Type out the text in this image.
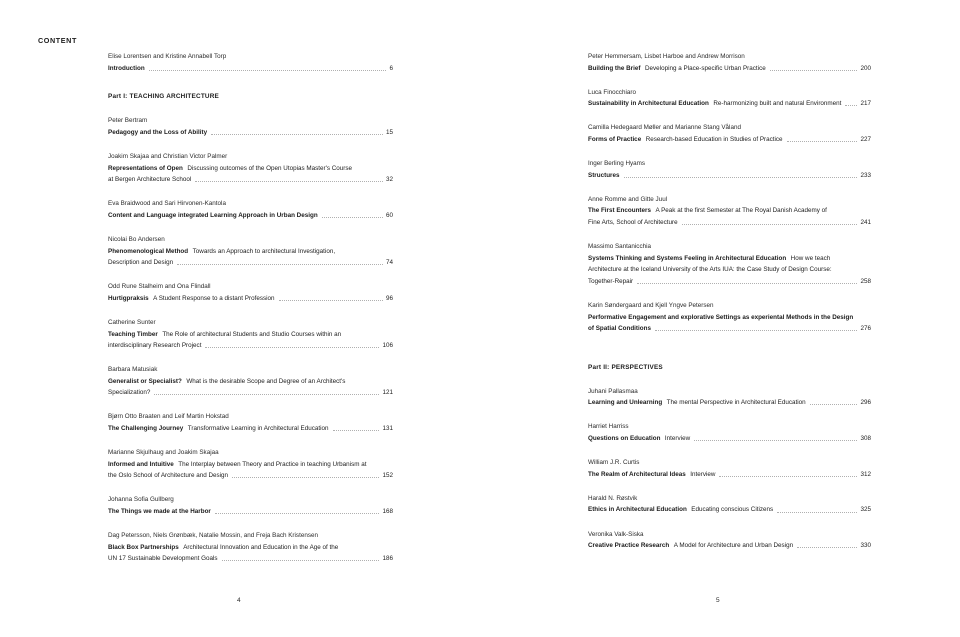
CONTENT
Elise Lorentsen and Kristine Annabell Torp
Introduction	6
Part I: TEACHING ARCHITECTURE
Peter Bertram
Pedagogy and the Loss of Ability	15
Joakim Skajaa and Christian Victor Palmer
Representations of Open Discussing outcomes of the Open Utopias Master's Course
at Bergen Architecture School	32
Eva Braidwood and Sari Hirvonen-Kantola
Content and Language integrated Learning Approach in Urban Design	60
Nicolai Bo Andersen
Phenomenological Method Towards an Approach to architectural Investigation,
Description and Design	74
Odd Rune Stalheim and Ona Flindall
Hurtigpraksis A Student Response to a distant Profession	96
Catherine Sunter
Teaching Timber The Role of architectural Students and Studio Courses within an
interdisciplinary Research Project	106
Barbara Matusiak
Generalist or Specialist? What is the desirable Scope and Degree of an Architect's
Specialization?	121
Bjørn Otto Braaten and Leif Martin Hokstad
The Challenging Journey Transformative Learning in Architectural Education	131
Marianne Skjulhaug and Joakim Skajaa
Informed and Intuitive The Interplay between Theory and Practice in teaching Urbanism at
the Oslo School of Architecture and Design	152
Johanna Sofia Gullberg
The Things we made at the Harbor	168
Dag Petersson, Niels Grønbæk, Natalie Mossin, and Freja Bach Kristensen
Black Box Partnerships Architectural Innovation and Education in the Age of the
UN 17 Sustainable Development Goals	186
Peter Hemmersam, Lisbet Harboe and Andrew Morrison
Building the Brief Developing a Place-specific Urban Practice	200
Luca Finocchiaro
Sustainability in Architectural Education Re-harmonizing built and natural Environment	217
Camilla Hedegaard Møller and Marianne Stang Våland
Forms of Practice Research-based Education in Studies of Practice	227
Inger Berling Hyams
Structures	233
Anne Romme and Gitte Juul
The First Encounters A Peak at the first Semester at The Royal Danish Academy of
Fine Arts, School of Architecture	241
Massimo Santanicchia
Systems Thinking and Systems Feeling in Architectural Education How we teach
Architecture at the Iceland University of the Arts IUA: the Case Study of Design Course:
Together-Repair	258
Karin Søndergaard and Kjell Yngve Petersen
Performative Engagement and explorative Settings as experiental Methods in the Design
of Spatial Conditions	276
Part II: PERSPECTIVES
Juhani Pallasmaa
Learning and Unlearning The mental Perspective in Architectural Education	296
Harriet Harriss
Questions on Education Interview	308
William J.R. Curtis
The Realm of Architectural Ideas Interview	312
Harald N. Røstvik
Ethics in Architectural Education Educating conscious Citizens	325
Veronika Valk-Siska
Creative Practice Research A Model for Architecture and Urban Design	330
4	5
